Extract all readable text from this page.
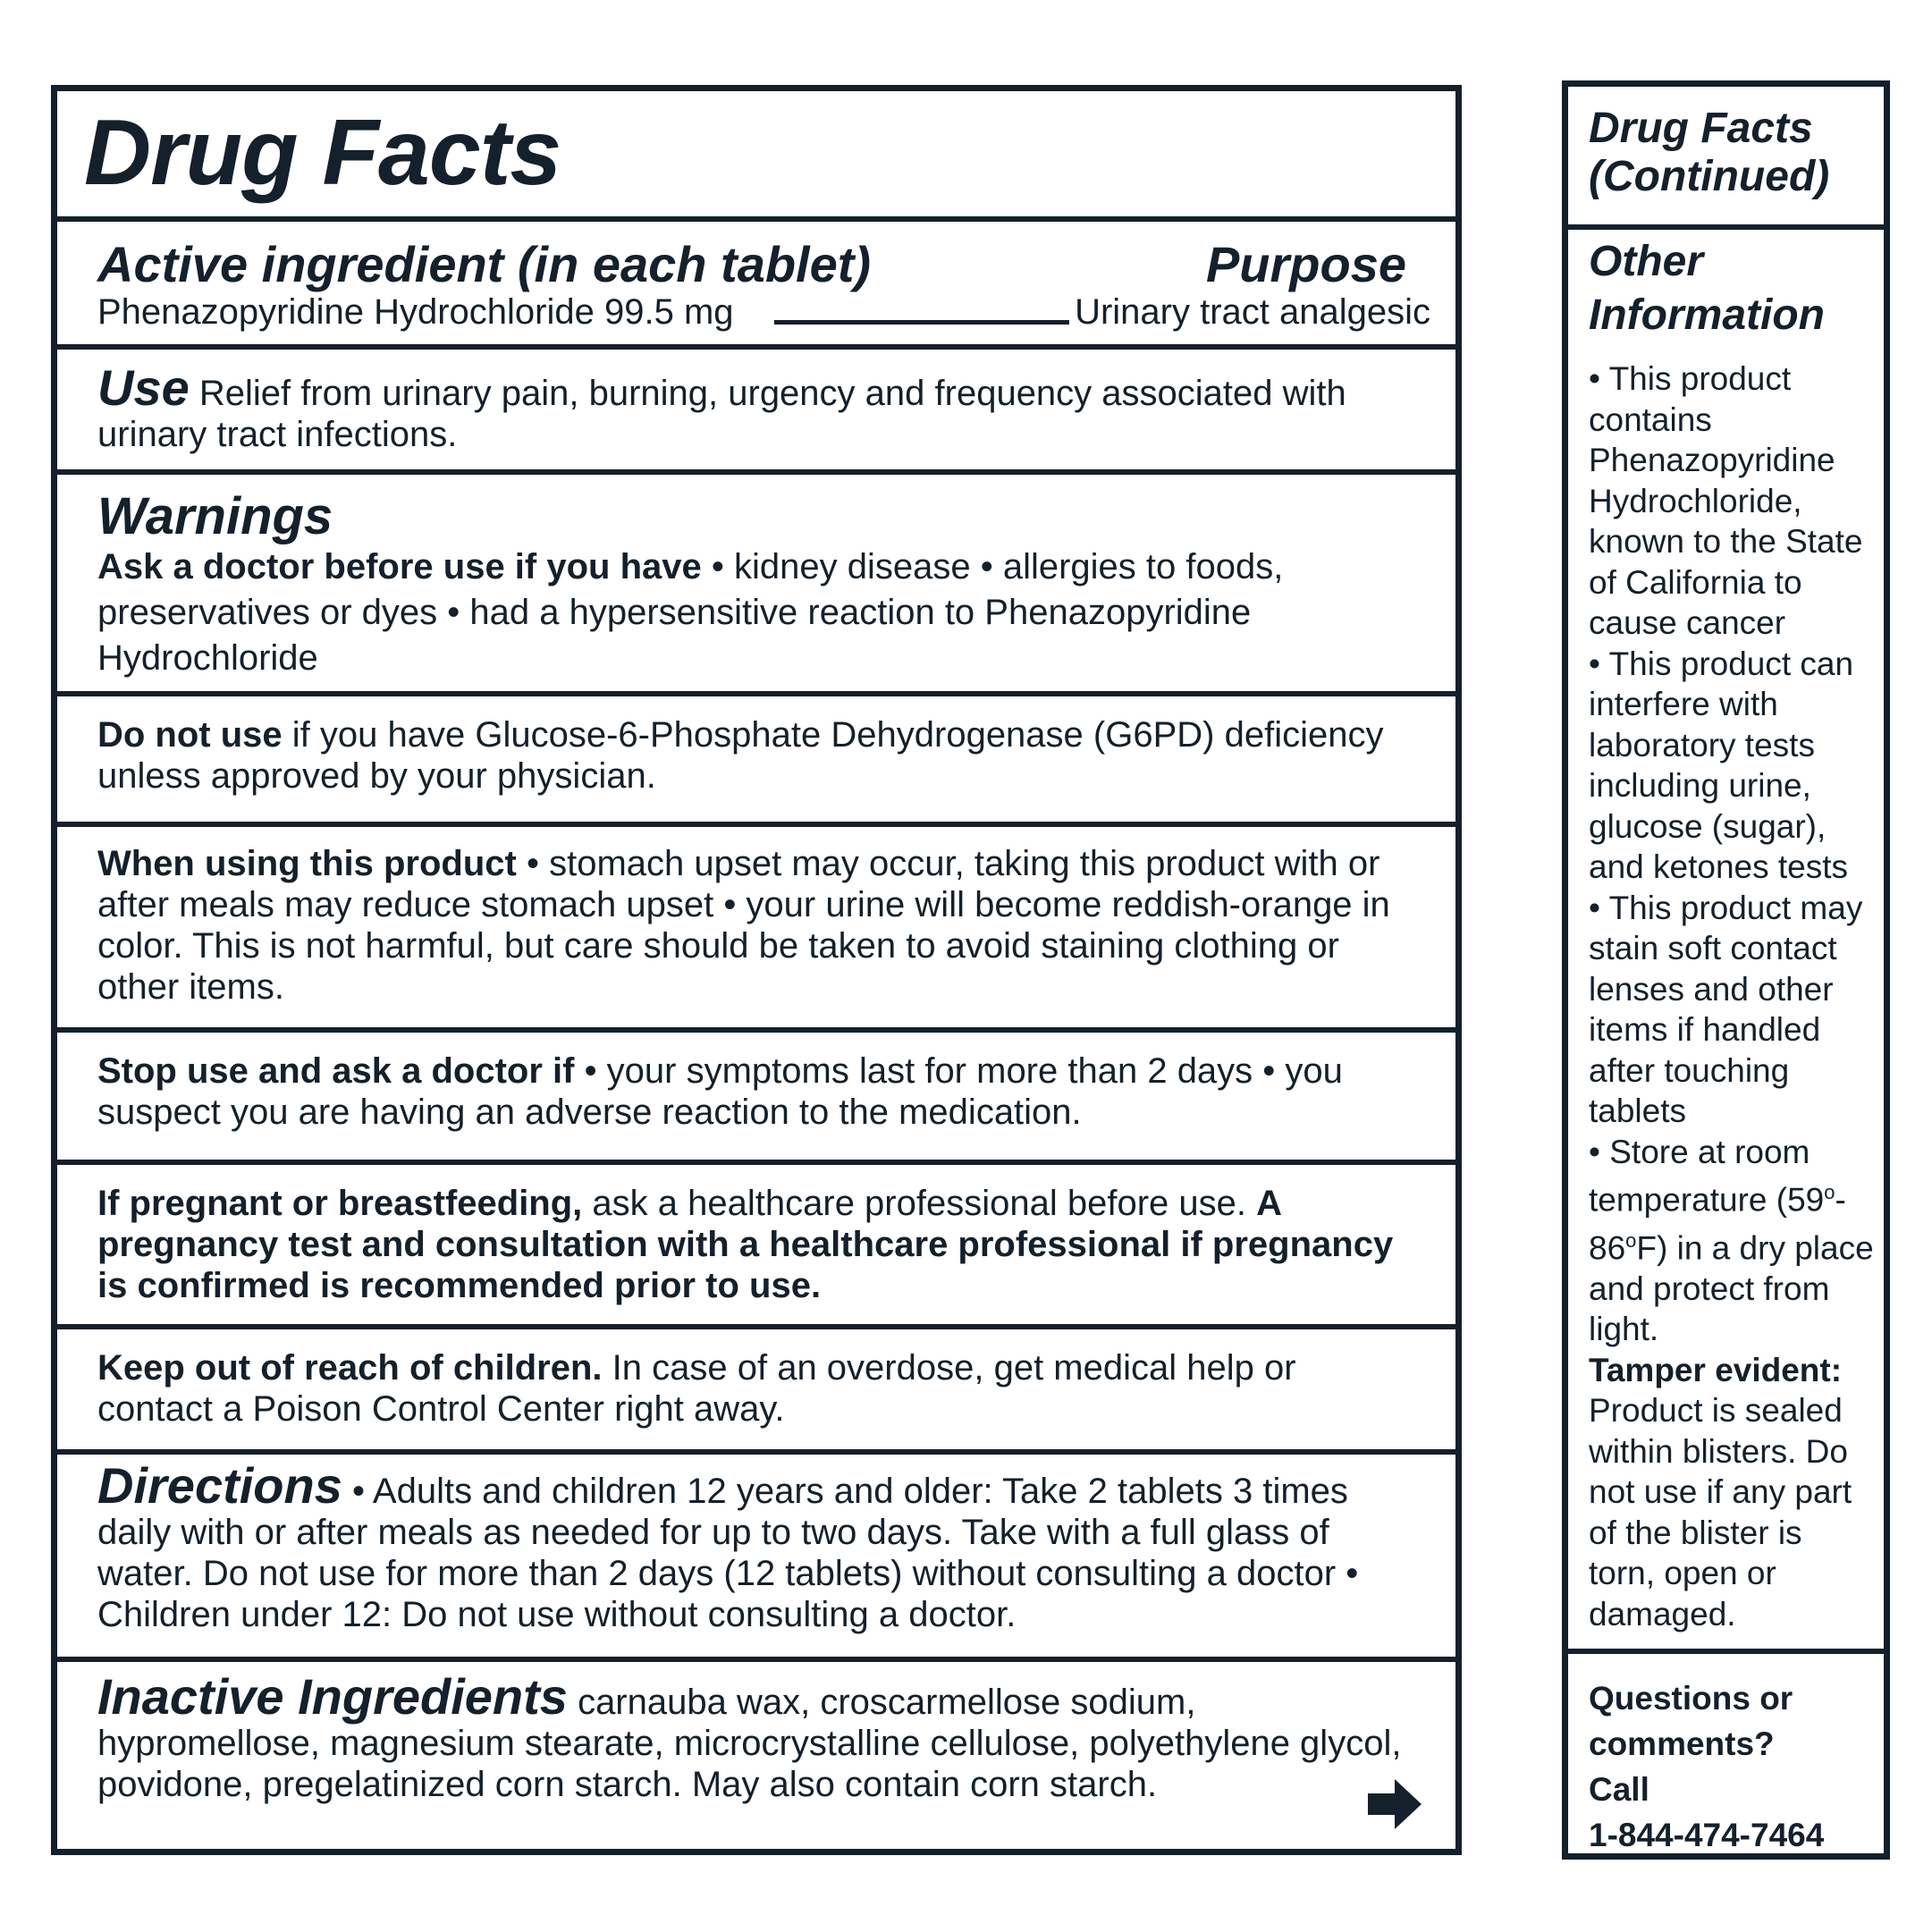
Drug Facts
Active ingredient (in each tablet)	Purpose
Phenazopyridine Hydrochloride 99.5 mg	Urinary tract analgesic
Use Relief from urinary pain, burning, urgency and frequency associated with urinary tract infections.
Warnings
Ask a doctor before use if you have • kidney disease • allergies to foods, preservatives or dyes • had a hypersensitive reaction to Phenazopyridine Hydrochloride
Do not use if you have Glucose-6-Phosphate Dehydrogenase (G6PD) deficiency unless approved by your physician.
When using this product • stomach upset may occur, taking this product with or after meals may reduce stomach upset • your urine will become reddish-orange in color. This is not harmful, but care should be taken to avoid staining clothing or other items.
Stop use and ask a doctor if • your symptoms last for more than 2 days • you suspect you are having an adverse reaction to the medication.
If pregnant or breastfeeding, ask a healthcare professional before use. A pregnancy test and consultation with a healthcare professional if pregnancy is confirmed is recommended prior to use.
Keep out of reach of children. In case of an overdose, get medical help or contact a Poison Control Center right away.
Directions • Adults and children 12 years and older: Take 2 tablets 3 times daily with or after meals as needed for up to two days. Take with a full glass of water. Do not use for more than 2 days (12 tablets) without consulting a doctor • Children under 12: Do not use without consulting a doctor.
Inactive Ingredients carnauba wax, croscarmellose sodium, hypromellose, magnesium stearate, microcrystalline cellulose, polyethylene glycol, povidone, pregelatinized corn starch. May also contain corn starch.
Drug Facts
(Continued)
Other
Information
• This product contains Phenazopyridine Hydrochloride, known to the State of California to cause cancer
• This product can interfere with laboratory tests including urine, glucose (sugar), and ketones tests
• This product may stain soft contact lenses and other items if handled after touching tablets
• Store at room temperature (59$^o$-86$^o$F) in a dry place and protect from light.
Tamper evident: Product is sealed within blisters. Do not use if any part of the blister is torn, open or damaged.
Questions or
comments?
Call
1-844-474-7464
